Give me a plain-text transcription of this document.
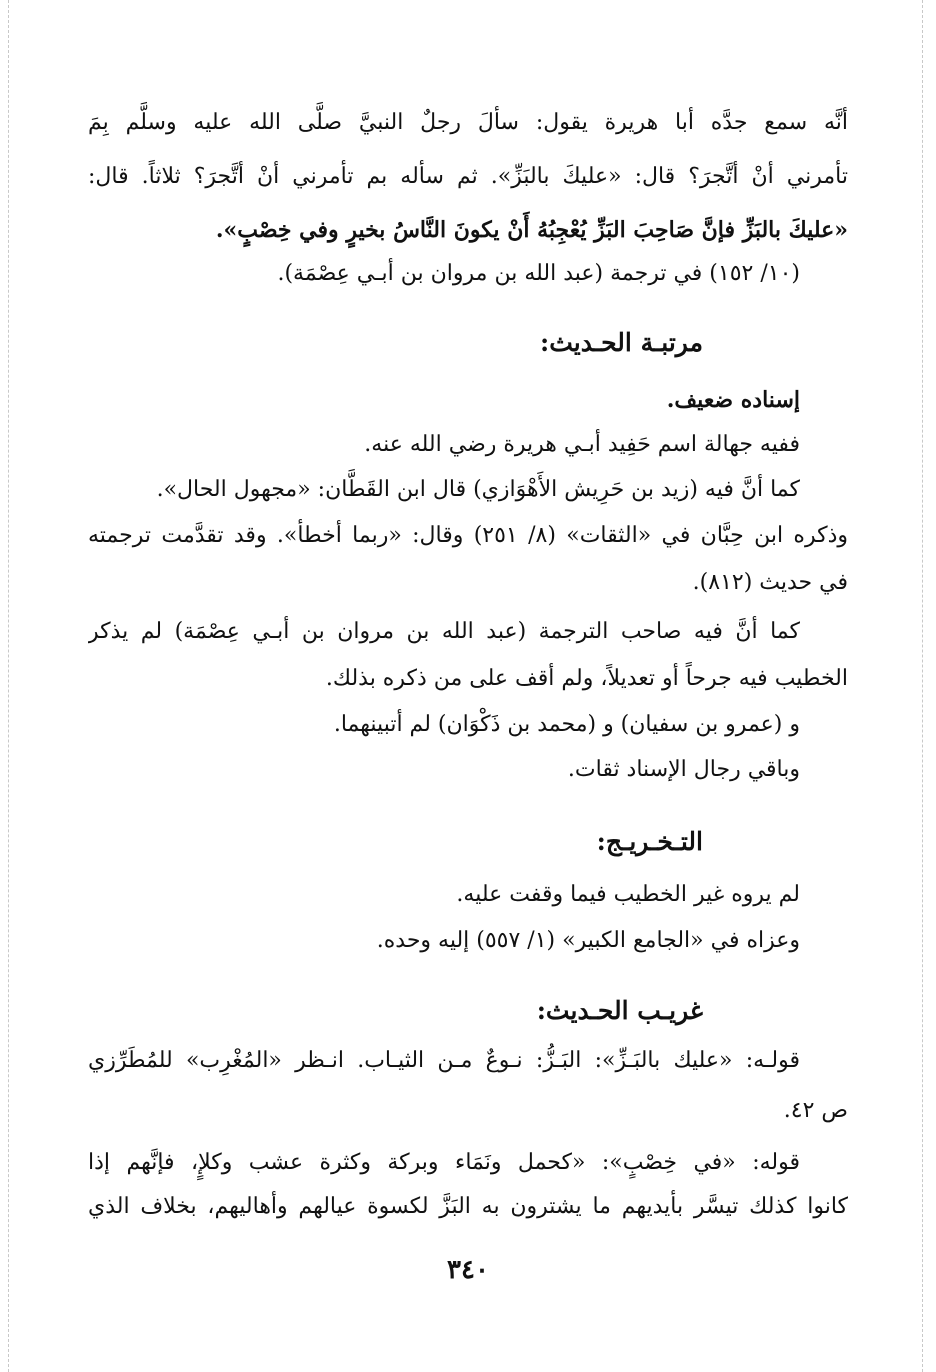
أنَّه سمع جدَّه أبا هريرة يقول: سألَ رجلٌ النبيَّ صلَّى الله عليه وسلَّم بِمَ
تأمرني أنْ أتَّجرَ؟ قال: «عليكَ بالبَزِّ». ثم سأله بم تأمرني أنْ أتَّجرَ؟ ثلاثاً. قال:
«عليكَ بالبَزِّ فإنَّ صَاحِبَ البَزِّ يُعْجِبُهُ أَنْ يكونَ النَّاسُ بخيرٍ وفي خِصْبٍ».
(١٠/ ١٥٢) في ترجمة (عبد الله بن مروان بن أبـي عِصْمَة).
مرتبـة الحـديث:
إسناده ضعيف.
ففيه جهالة اسم حَفِيد أبـي هريرة رضي الله عنه.
كما أنَّ فيه (زيد بن حَرِيش الأَهْوَازي) قال ابن القَطَّان: «مجهول الحال».
وذكره ابن حِبَّان في «الثقات» (٨/ ٢٥١) وقال: «ربما أخطأ». وقد تقدَّمت ترجمته
في حديث (٨١٢).
كما أنَّ فيه صاحب الترجمة (عبد الله بن مروان بن أبـي عِصْمَة) لم يذكر
الخطيب فيه جرحاً أو تعديلاً، ولم أقف على من ذكره بذلك.
و (عمرو بن سفيان) و (محمد بن ذَكْوَان) لم أتبينهما.
وباقي رجال الإسناد ثقات.
التـخـريـج:
لم يروه غير الخطيب فيما وقفت عليه.
وعزاه في «الجامع الكبير» (١/ ٥٥٧) إليه وحده.
غريـب الحـديث:
قولـه: «عليك بالبَـزِّ»: البَـزُّ: نـوعٌ مـن الثيـاب. انـظر «المُغْرِب» للمُطَرِّزي
ص ٤٢.
قوله: «في خِصْبٍ»: «كحمل ونَمَاء وبركة وكثرة عشب وكلإٍ، فإنَّهم إذا
كانوا كذلك تيسَّر بأيديهم ما يشترون به البَزَّ لكسوة عيالهم وأهاليهم، بخلاف الذي
٣٤٠
